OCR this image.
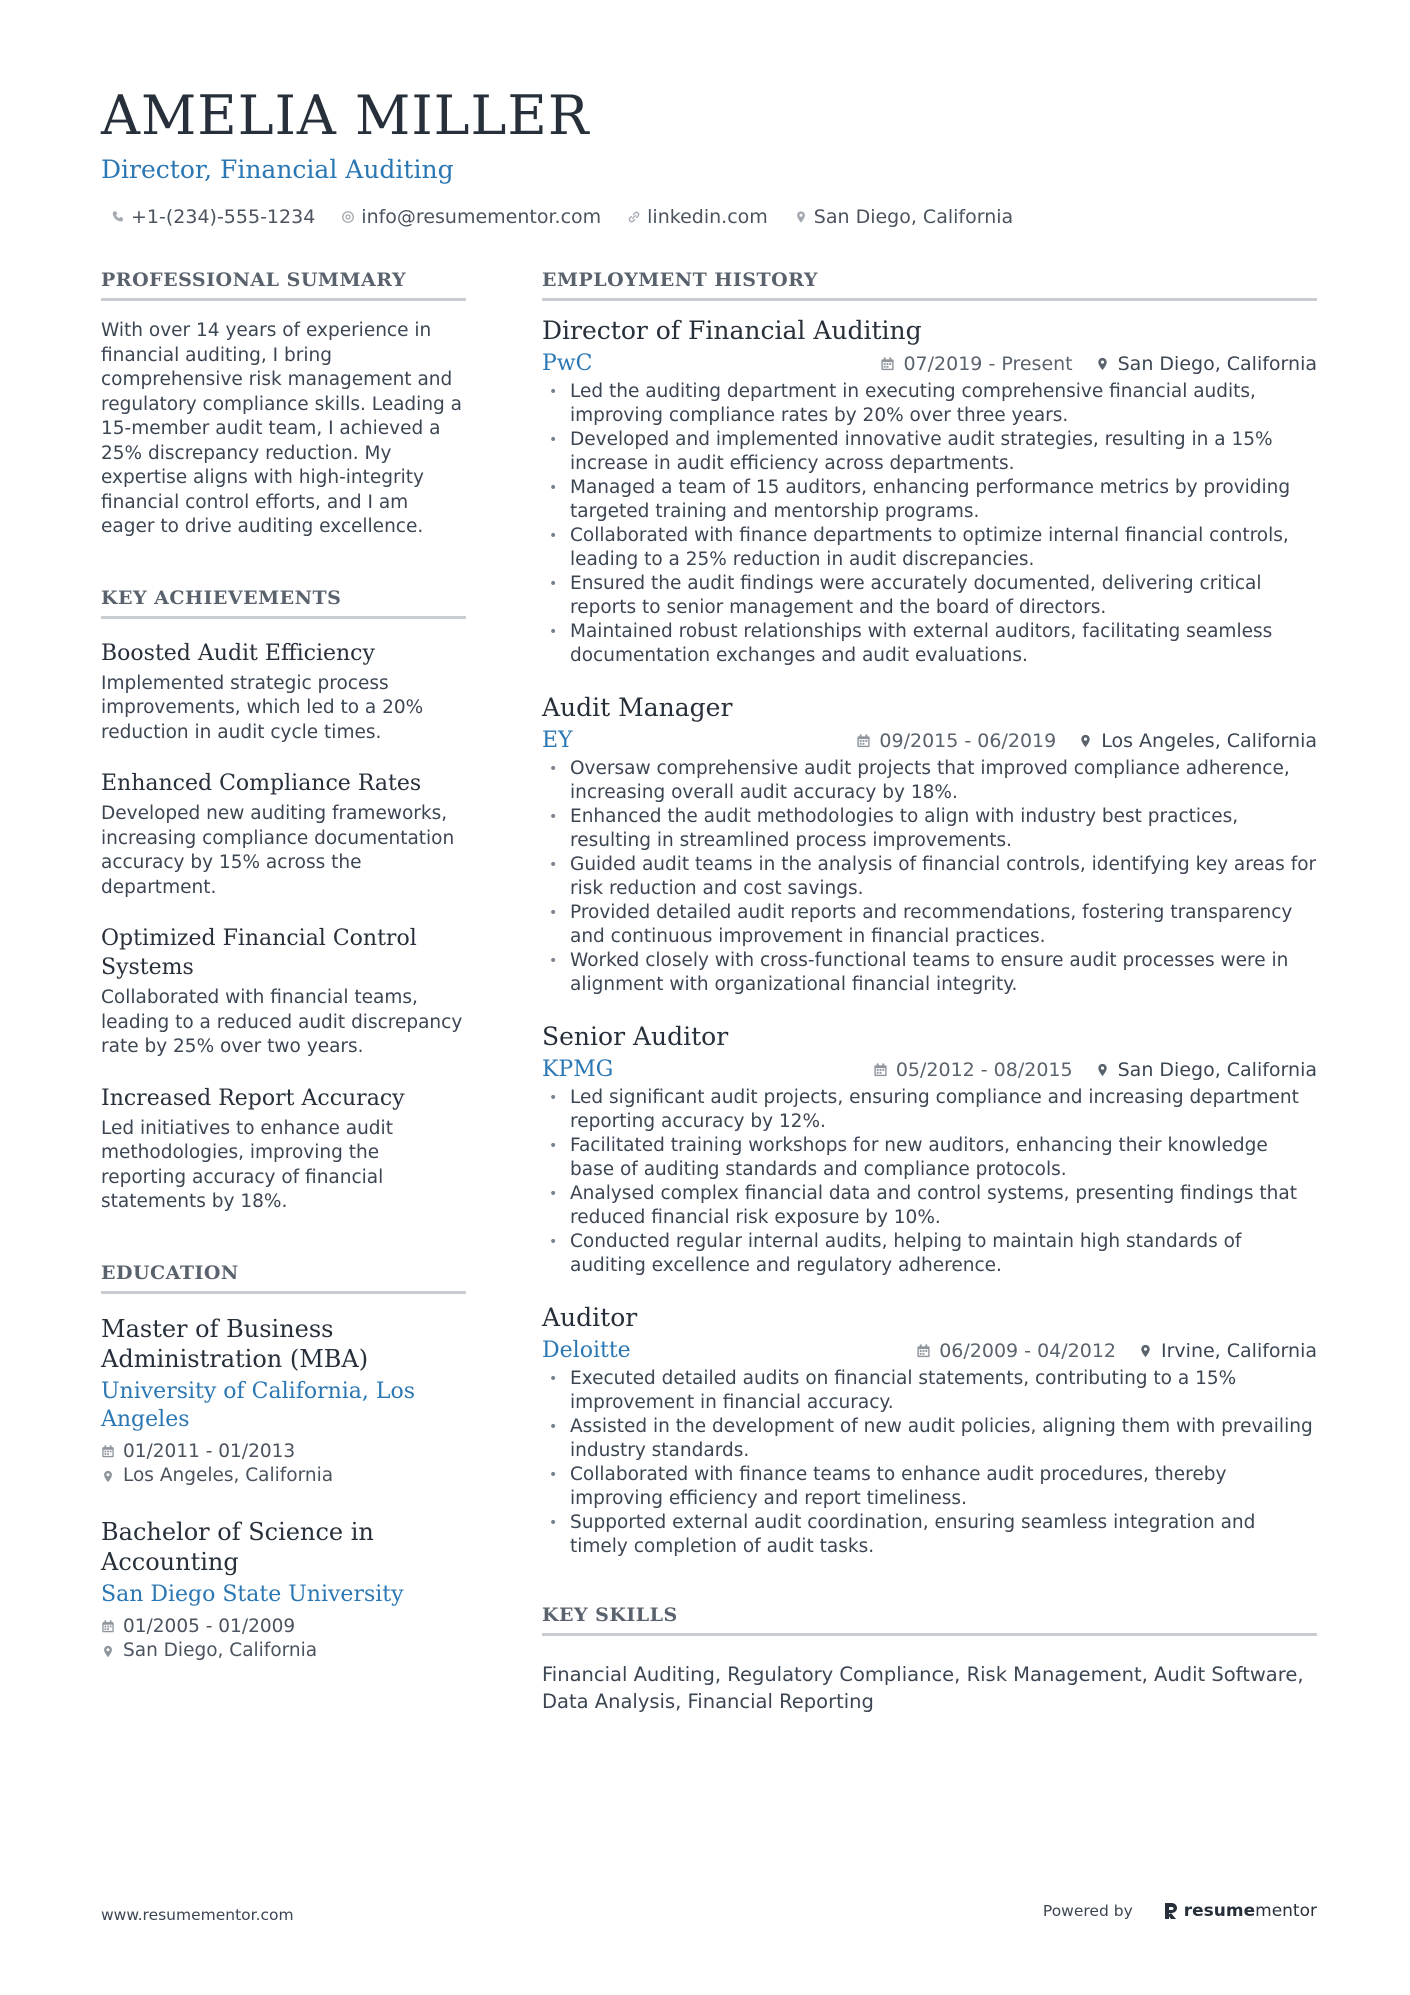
AMELIA MILLER
Director, Financial Auditing
+1-(234)-555-1234 info@resumementor.com linkedin.com San Diego, California
PROFESSIONAL SUMMARY

With over 14 years of experience in financial auditing, I bring comprehensive risk management and regulatory compliance skills. Leading a 15-member audit team, I achieved a 25% discrepancy reduction. My expertise aligns with high-integrity financial control efforts, and I am eager to drive auditing excellence.

KEY ACHIEVEMENTS
Boosted Audit Efficiency
Implemented strategic process improvements, which led to a 20% reduction in audit cycle times.
Enhanced Compliance Rates
Developed new auditing frameworks, increasing compliance documentation accuracy by 15% across the department.
Optimized Financial Control Systems
Collaborated with financial teams, leading to a reduced audit discrepancy rate by 25% over two years.
Increased Report Accuracy
Led initiatives to enhance audit methodologies, improving the reporting accuracy of financial statements by 18%.
EDUCATION
Master of Business Administration (MBA)
University of California, Los Angeles
01/2011 - 01/2013
Los Angeles, California
Bachelor of Science in Accounting
San Diego State University
01/2005 - 01/2009
San Diego, California
EMPLOYMENT HISTORY
Director of Financial Auditing
PwC	07/2019 - Present San Diego, California
• Led the auditing department in executing comprehensive financial audits, improving compliance rates by 20% over three years.
• Developed and implemented innovative audit strategies, resulting in a 15% increase in audit efficiency across departments.
• Managed a team of 15 auditors, enhancing performance metrics by providing targeted training and mentorship programs.
• Collaborated with finance departments to optimize internal financial controls, leading to a 25% reduction in audit discrepancies.
• Ensured the audit findings were accurately documented, delivering critical reports to senior management and the board of directors.
• Maintained robust relationships with external auditors, facilitating seamless documentation exchanges and audit evaluations.
Audit Manager
EY	09/2015 - 06/2019 Los Angeles, California
• Oversaw comprehensive audit projects that improved compliance adherence, increasing overall audit accuracy by 18%.
• Enhanced the audit methodologies to align with industry best practices, resulting in streamlined process improvements.
• Guided audit teams in the analysis of financial controls, identifying key areas for risk reduction and cost savings.
• Provided detailed audit reports and recommendations, fostering transparency and continuous improvement in financial practices.
• Worked closely with cross-functional teams to ensure audit processes were in alignment with organizational financial integrity.
Senior Auditor
KPMG	05/2012 - 08/2015 San Diego, California
• Led significant audit projects, ensuring compliance and increasing department reporting accuracy by 12%.
• Facilitated training workshops for new auditors, enhancing their knowledge base of auditing standards and compliance protocols.
• Analysed complex financial data and control systems, presenting findings that reduced financial risk exposure by 10%.
• Conducted regular internal audits, helping to maintain high standards of auditing excellence and regulatory adherence.
Auditor
Deloitte	06/2009 - 04/2012 Irvine, California
• Executed detailed audits on financial statements, contributing to a 15% improvement in financial accuracy.
• Assisted in the development of new audit policies, aligning them with prevailing industry standards.
• Collaborated with finance teams to enhance audit procedures, thereby improving efficiency and report timeliness.
• Supported external audit coordination, ensuring seamless integration and timely completion of audit tasks.
KEY SKILLS

Financial Auditing, Regulatory Compliance, Risk Management, Audit Software, Data Analysis, Financial Reporting

www.resumementor.com	Powered by	resumementor
